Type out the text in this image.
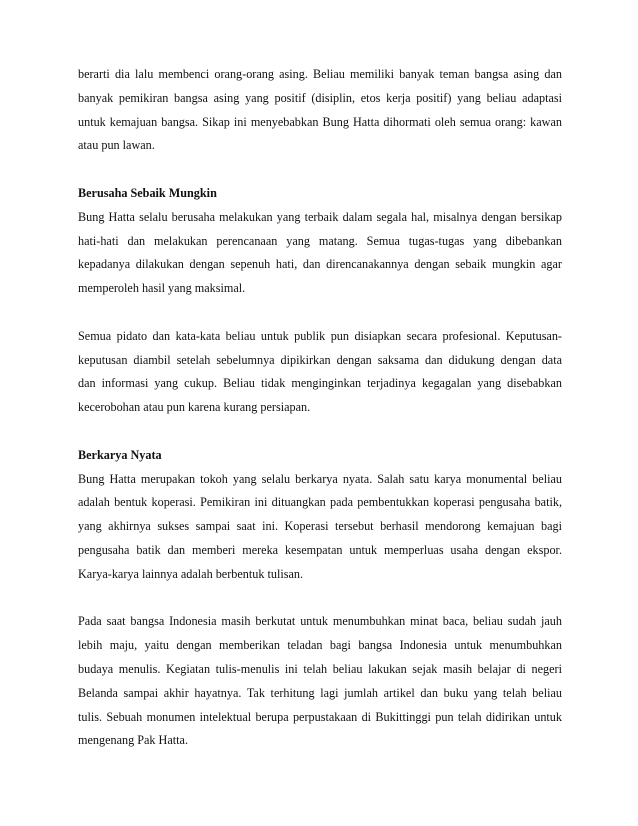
berarti dia lalu membenci orang-orang asing. Beliau memiliki banyak teman bangsa asing dan
banyak pemikiran bangsa asing yang positif (disiplin, etos kerja positif) yang beliau adaptasi
untuk kemajuan bangsa. Sikap ini menyebabkan Bung Hatta dihormati oleh semua orang: kawan
atau pun lawan.
Berusaha Sebaik Mungkin
Bung Hatta selalu berusaha melakukan yang terbaik dalam segala hal, misalnya dengan bersikap
hati-hati dan melakukan perencanaan yang matang. Semua tugas-tugas yang dibebankan
kepadanya dilakukan dengan sepenuh hati, dan direncanakannya dengan sebaik mungkin agar
memperoleh hasil yang maksimal.
Semua pidato dan kata-kata beliau untuk publik pun disiapkan secara profesional. Keputusan-
keputusan diambil setelah sebelumnya dipikirkan dengan saksama dan didukung dengan data
dan informasi yang cukup. Beliau tidak menginginkan terjadinya kegagalan yang disebabkan
kecerobohan atau pun karena kurang persiapan.
Berkarya Nyata
Bung Hatta merupakan tokoh yang selalu berkarya nyata. Salah satu karya monumental beliau
adalah bentuk koperasi. Pemikiran ini dituangkan pada pembentukkan koperasi pengusaha batik,
yang akhirnya sukses sampai saat ini. Koperasi tersebut berhasil mendorong kemajuan bagi
pengusaha batik dan memberi mereka kesempatan untuk memperluas usaha dengan ekspor.
Karya-karya lainnya adalah berbentuk tulisan.
Pada saat bangsa Indonesia masih berkutat untuk menumbuhkan minat baca, beliau sudah jauh
lebih maju, yaitu dengan memberikan teladan bagi bangsa Indonesia untuk menumbuhkan
budaya menulis. Kegiatan tulis-menulis ini telah beliau lakukan sejak masih belajar di negeri
Belanda sampai akhir hayatnya. Tak terhitung lagi jumlah artikel dan buku yang telah beliau
tulis. Sebuah monumen intelektual berupa perpustakaan di Bukittinggi pun telah didirikan untuk
mengenang Pak Hatta.
